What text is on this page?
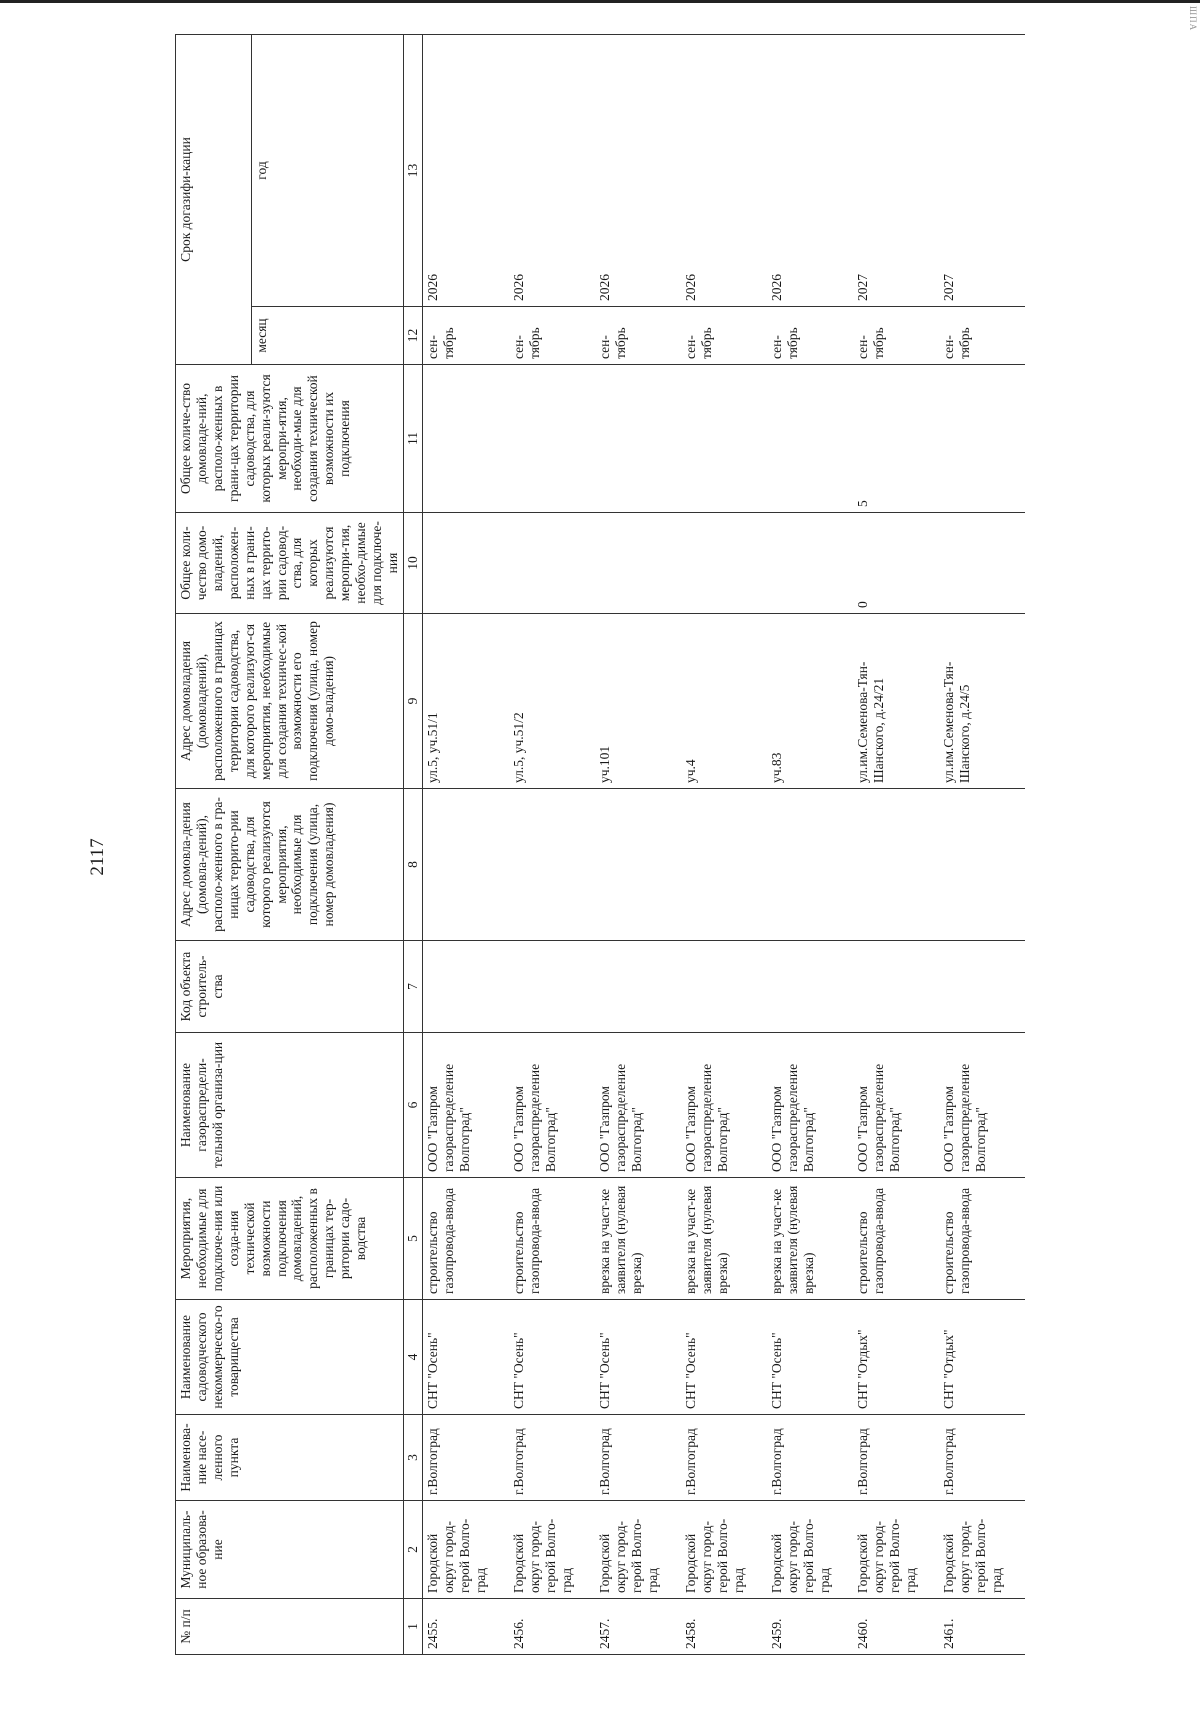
ШПА
2117
№ п/п	Муниципаль-ное образова-ние	Наименова-ние насе-ленного пункта	Наименование садоводческого некоммерческо-го товарищества	Мероприятия, необходимые для подключе-ния или созда-ния технической возможности подключения домовладений, расположенных в границах тер-ритории садо-водства	Наименование газораспредели-тельной организа-ции	Код объекта строитель-ства	Адрес домовла-дения (домовла-дений), располо-женного в гра-ницах террито-рии садоводства, для которого реализуются мероприятия, необходимые для подключения (улица, номер домовладения)	Адрес домовладения (домовладений), расположенного в границах территории садоводства, для которого реализуют-ся мероприятия, необходимые для создания техничес-кой возможности его подключения (улица, номер домо-владения)	Общее коли-чество домо-владений, расположен-ных в грани-цах террито-рии садовод-ства, для которых реализуются меропри-тия, необхо-димые для подключе-ния	Общее количе-ство домовладе-ний, располо-женных в грани-цах территории садоводства, для которых реали-зуются меропри-ятия, необходи-мые для создания технической возможности их подключения	Срок догазифи-кации	
											месяц	год
1	2	3	4	5	6	7	8	9	10	11	12	13
2455.	Городской округ город-герой Волго-град	г.Волгоград	СНТ "Осень"	строительство газопровода-ввода	ООО "Газпром газораспределение Волгоград"			ул.5, уч.51/1			сен-тябрь	2026
2456.	Городской округ город-герой Волго-град	г.Волгоград	СНТ "Осень"	строительство газопровода-ввода	ООО "Газпром газораспределение Волгоград"			ул.5, уч.51/2			сен-тябрь	2026
2457.	Городской округ город-герой Волго-град	г.Волгоград	СНТ "Осень"	врезка на участ-ке заявителя (нулевая врезка)	ООО "Газпром газораспределение Волгоград"			уч.101			сен-тябрь	2026
2458.	Городской округ город-герой Волго-град	г.Волгоград	СНТ "Осень"	врезка на участ-ке заявителя (нулевая врезка)	ООО "Газпром газораспределение Волгоград"			уч.4			сен-тябрь	2026
2459.	Городской округ город-герой Волго-град	г.Волгоград	СНТ "Осень"	врезка на участ-ке заявителя (нулевая врезка)	ООО "Газпром газораспределение Волгоград"			уч.83			сен-тябрь	2026
2460.	Городской округ город-герой Волго-град	г.Волгоград	СНТ "Отдых"	строительство газопровода-ввода	ООО "Газпром газораспределение Волгоград"			ул.им.Семенова-Тян-Шанского, д.24/21	0	5	сен-тябрь	2027
2461.	Городской округ город-герой Волго-град	г.Волгоград	СНТ "Отдых"	строительство газопровода-ввода	ООО "Газпром газораспределение Волгоград"			ул.им.Семенова-Тян-Шанского, д.24/5			сен-тябрь	2027
